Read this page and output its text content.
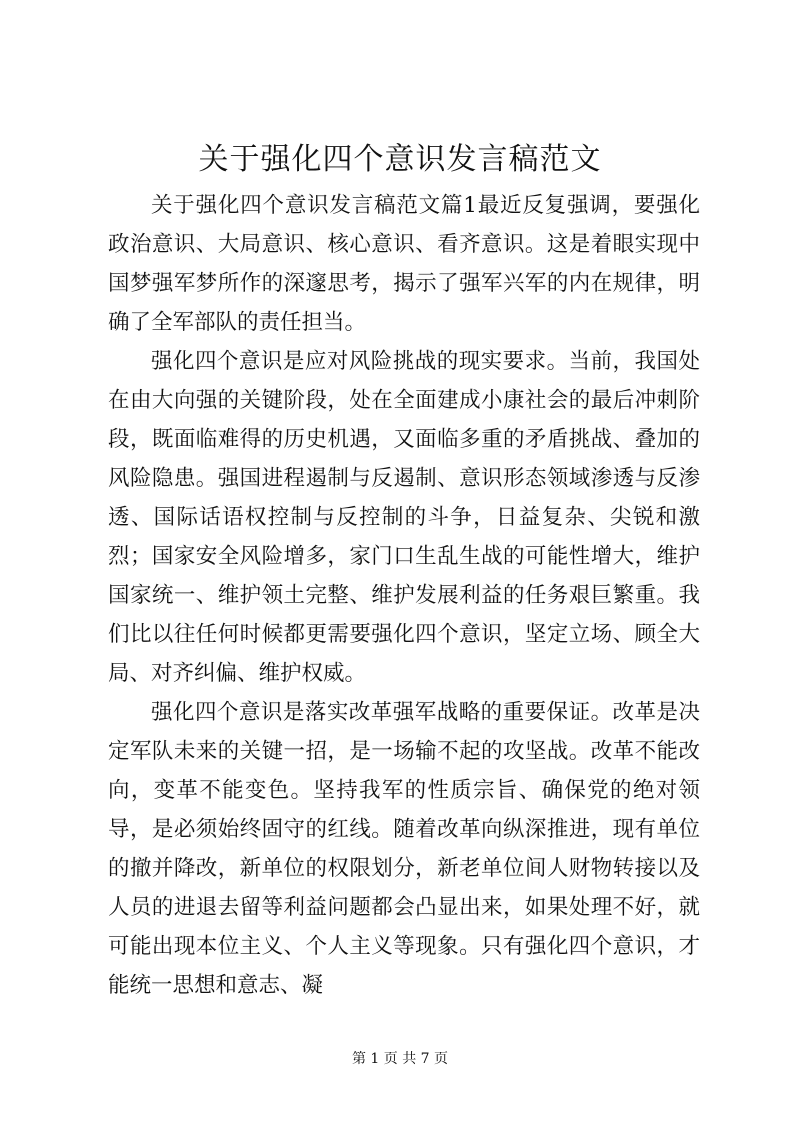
关于强化四个意识发言稿范文

关于强化四个意识发言稿范文篇1最近反复强调，要强化政治意识、大局意识、核心意识、看齐意识。这是着眼实现中国梦强军梦所作的深邃思考，揭示了强军兴军的内在规律，明确了全军部队的责任担当。

强化四个意识是应对风险挑战的现实要求。当前，我国处在由大向强的关键阶段，处在全面建成小康社会的最后冲刺阶段，既面临难得的历史机遇，又面临多重的矛盾挑战、叠加的风险隐患。强国进程遏制与反遏制、意识形态领域渗透与反渗透、国际话语权控制与反控制的斗争，日益复杂、尖锐和激烈；国家安全风险增多，家门口生乱生战的可能性增大，维护国家统一、维护领土完整、维护发展利益的任务艰巨繁重。我们比以往任何时候都更需要强化四个意识，坚定立场、顾全大局、对齐纠偏、维护权威。

强化四个意识是落实改革强军战略的重要保证。改革是决定军队未来的关键一招，是一场输不起的攻坚战。改革不能改向，变革不能变色。坚持我军的性质宗旨、确保党的绝对领导，是必须始终固守的红线。随着改革向纵深推进，现有单位的撤并降改，新单位的权限划分，新老单位间人财物转接以及人员的进退去留等利益问题都会凸显出来，如果处理不好，就可能出现本位主义、个人主义等现象。只有强化四个意识，才能统一思想和意志、凝

第 1 页 共 7 页
